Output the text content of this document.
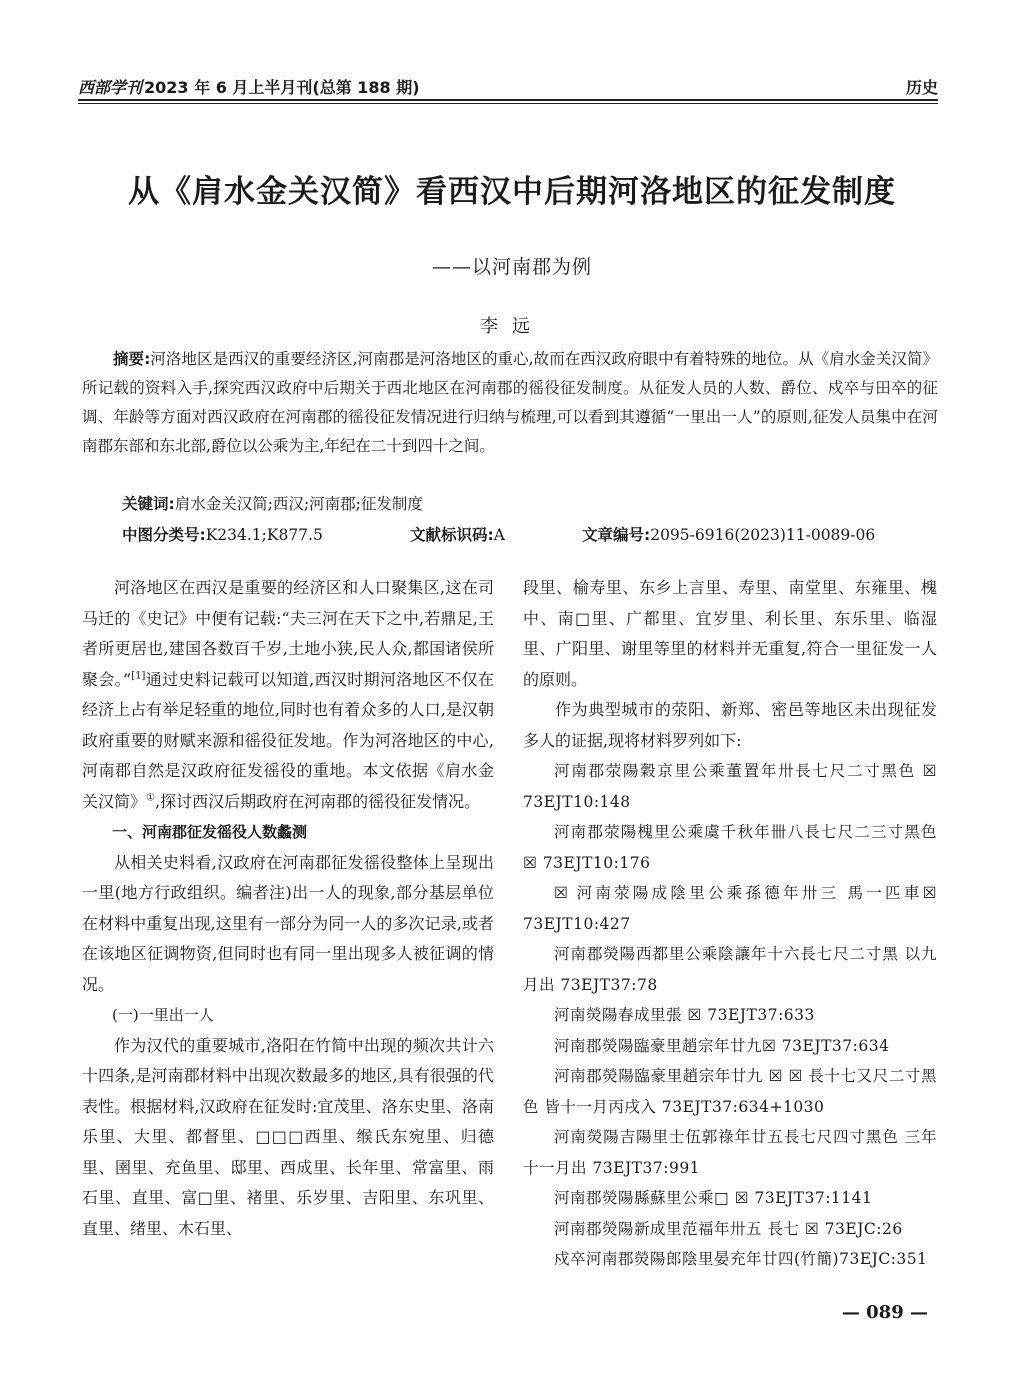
西部学刊 2023 年 6 月上半月刊(总第 188 期)	历史
从《肩水金关汉简》看西汉中后期河洛地区的征发制度
——以河南郡为例
李远
摘要:河洛地区是西汉的重要经济区,河南郡是河洛地区的重心,故而在西汉政府眼中有着特殊的地位。从《肩水金关汉简》所记载的资料入手,探究西汉政府中后期关于西北地区在河南郡的徭役征发制度。从征发人员的人数、爵位、戍卒与田卒的征调、年龄等方面对西汉政府在河南郡的徭役征发情况进行归纳与梳理,可以看到其遵循“一里出一人”的原则,征发人员集中在河南郡东部和东北部,爵位以公乘为主,年纪在二十到四十之间。
关键词:肩水金关汉简;西汉;河南郡;征发制度
中图分类号:K234.1;K877.5	文献标识码:A	文章编号:2095-6916(2023)11-0089-06

河洛地区在西汉是重要的经济区和人口聚集区,这在司马迁的《史记》中便有记载:“夫三河在天下之中,若鼎足,王者所更居也,建国各数百千岁,土地小狭,民人众,都国诸侯所聚会。”[1]通过史料记载可以知道,西汉时期河洛地区不仅在经济上占有举足轻重的地位,同时也有着众多的人口,是汉朝政府重要的财赋来源和徭役征发地。作为河洛地区的中心,河南郡自然是汉政府征发徭役的重地。本文依据《肩水金关汉简》①,探讨西汉后期政府在河南郡的徭役征发情况。

一、河南郡征发徭役人数蠡测

从相关史料看,汉政府在河南郡征发徭役整体上呈现出一里(地方行政组织。编者注)出一人的现象,部分基层单位在材料中重复出现,这里有一部分为同一人的多次记录,或者在该地区征调物资,但同时也有同一里出现多人被征调的情况。

(一)一里出一人

作为汉代的重要城市,洛阳在竹简中出现的频次共计六十四条,是河南郡材料中出现次数最多的地区,具有很强的代表性。根据材料,汉政府在征发时:宜茂里、洛东史里、洛南乐里、大里、都督里、□□□西里、缑氏东宛里、归德里、圉里、充鱼里、邸里、西成里、长年里、常富里、雨石里、直里、富□里、褚里、乐岁里、吉阳里、东巩里、直里、绪里、木石里、

段里、榆寿里、东乡上言里、寿里、南堂里、东雍里、槐中、南□里、广都里、宜岁里、利长里、东乐里、临湿里、广阳里、谢里等里的材料并无重复,符合一里征发一人的原则。

作为典型城市的荥阳、新郑、密邑等地区未出现征发多人的证据,现将材料罗列如下:

河南郡荥陽穀京里公乘董置年卅長七尺二寸黑色 ☒ 73EJT10:148

河南郡荥陽槐里公乘虞千秋年卌八長七尺二三寸黑色 ☒ 73EJT10:176

☒ 河南荥陽成陰里公乘孫德年卅三 馬一匹車☒ 73EJT10:427

河南郡熒陽西都里公乘陰讓年十六長七尺二寸黑 以九月出 73EJT37:78

河南熒陽春成里張 ☒ 73EJT37:633

河南郡熒陽臨豪里趙宗年廿九☒ 73EJT37:634

河南郡熒陽臨豪里趙宗年廿九 ☒ ☒ 長十七又尺二寸黑色 皆十一月丙戌入 73EJT37:634+1030

河南熒陽吉陽里士伍郭祿年廿五長七尺四寸黑色 三年十一月出 73EJT37:991

河南郡熒陽縣蘇里公乘□ ☒ 73EJT37:1141

河南郡熒陽新成里范福年卅五 長七 ☒ 73EJC:26

戍卒河南郡熒陽郎陰里晏充年廿四(竹簡)73EJC:351

— 089 —
